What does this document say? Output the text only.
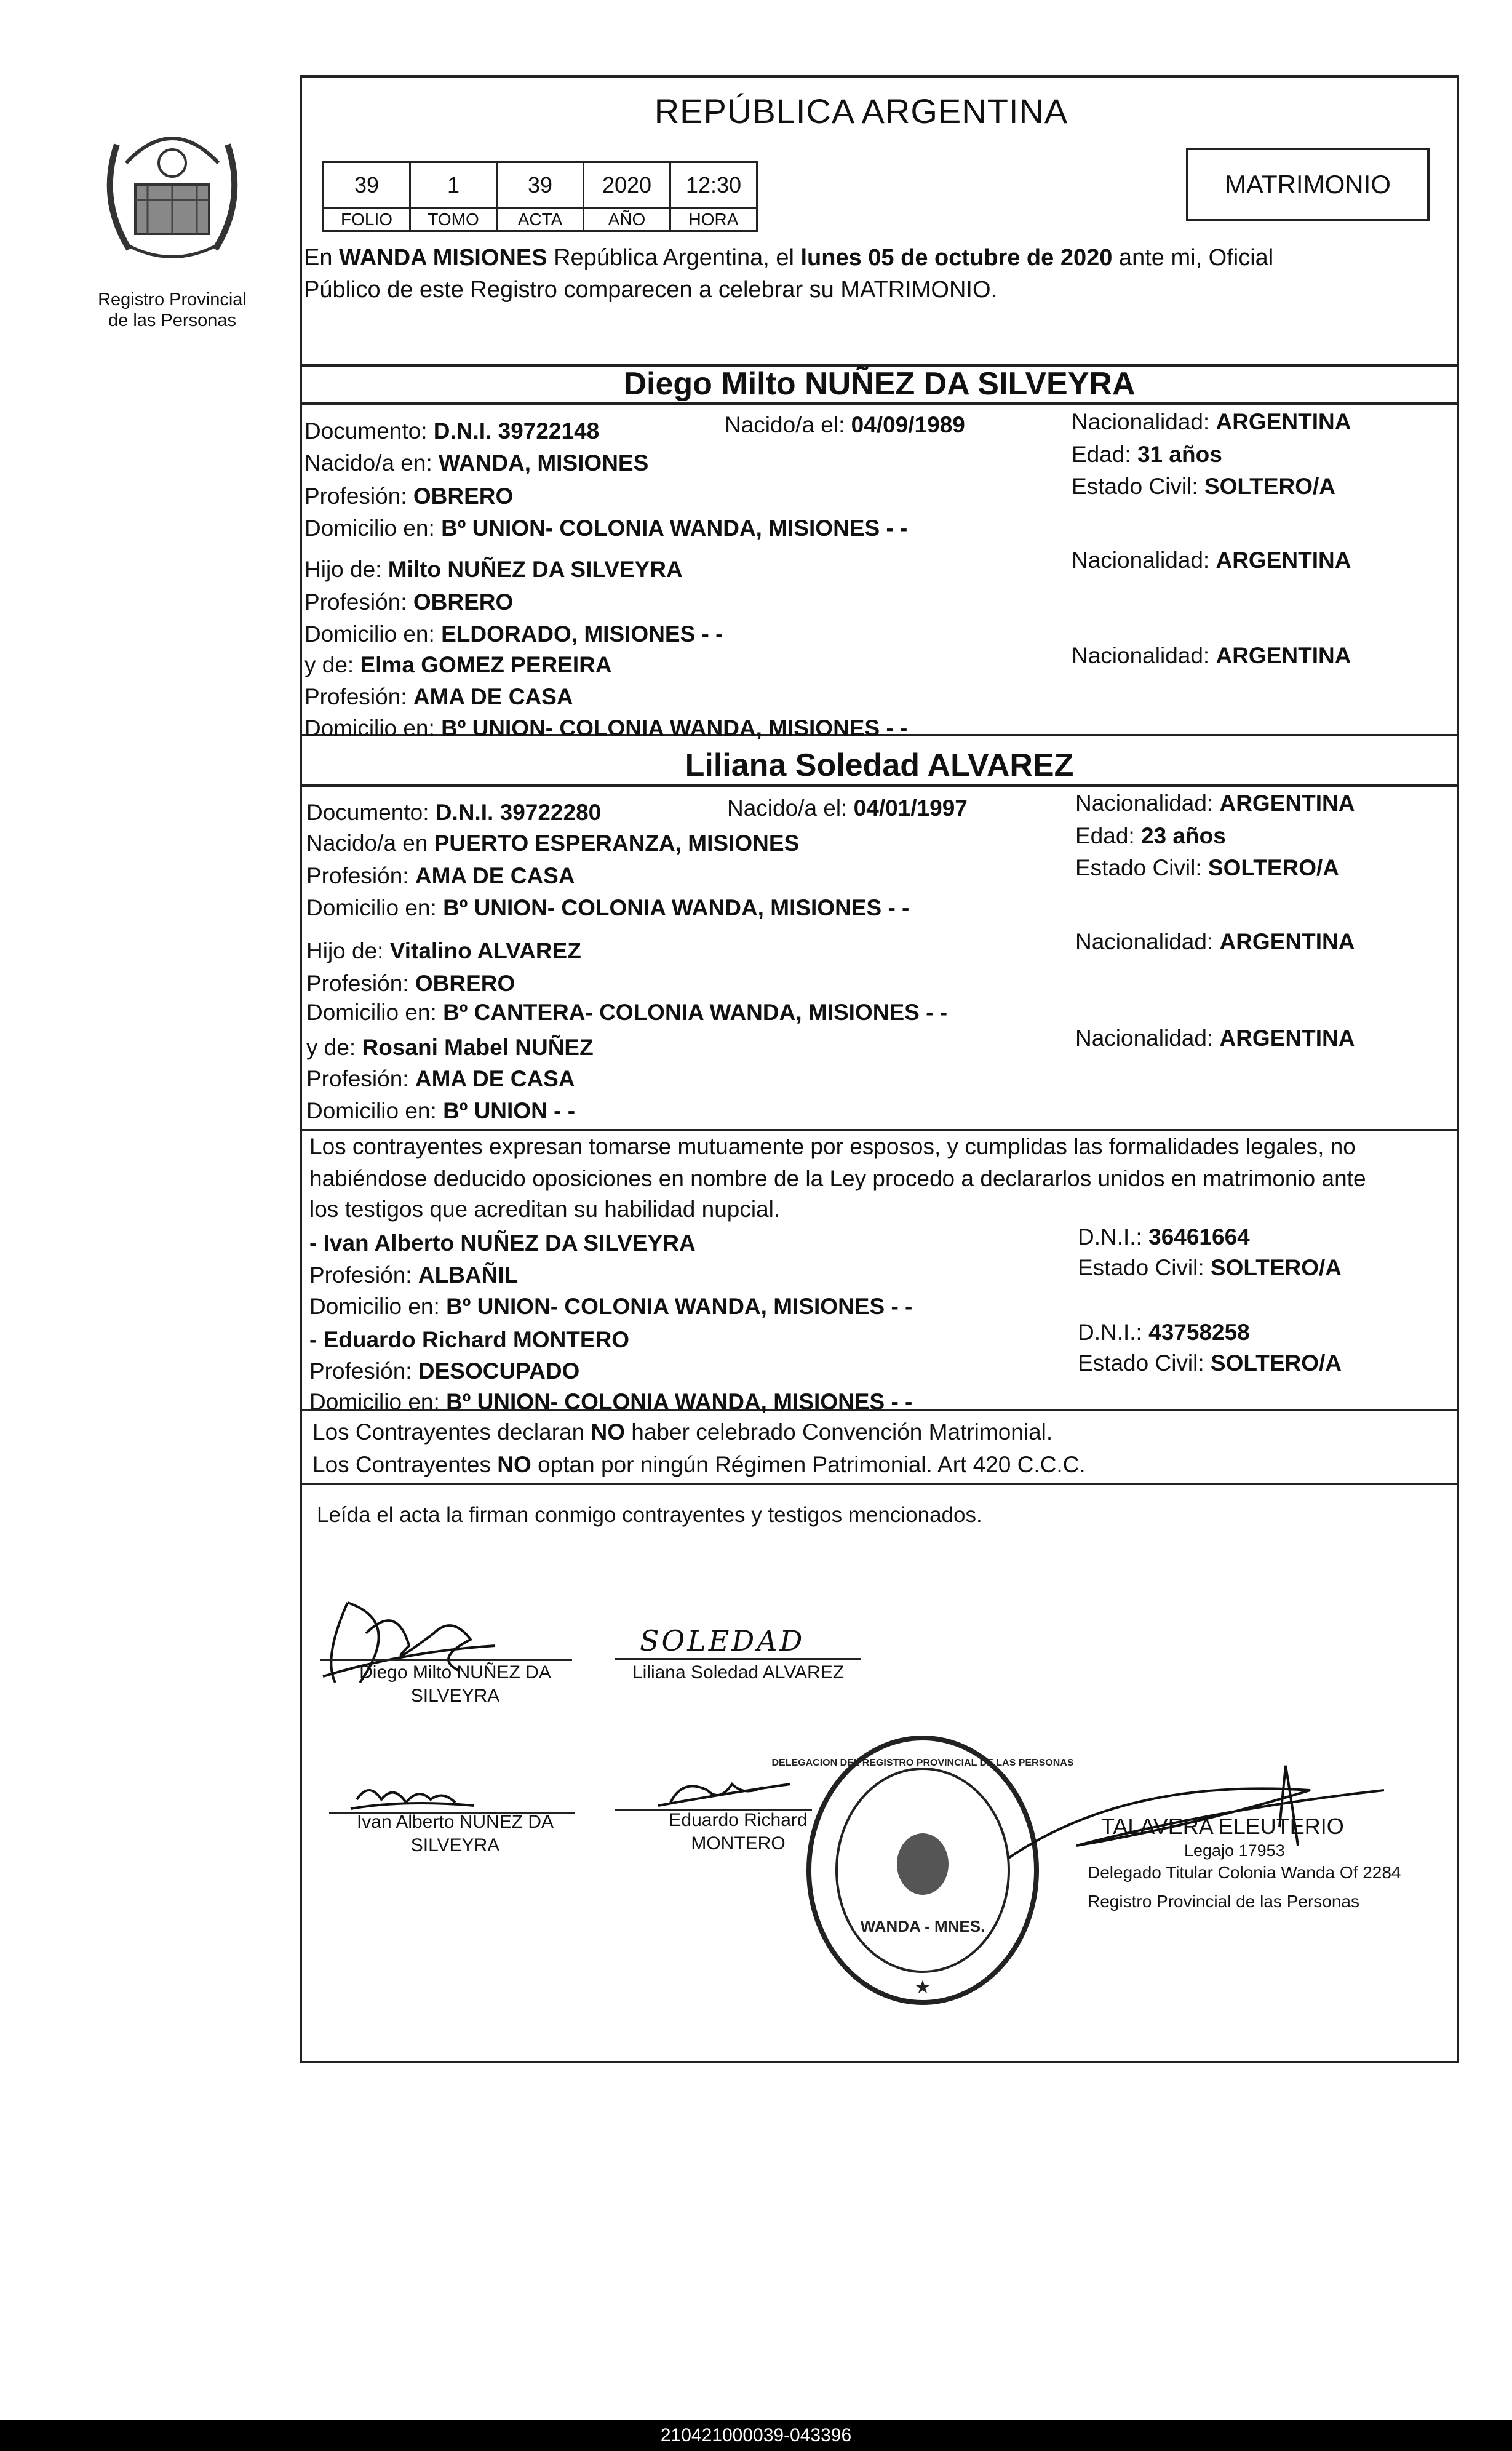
Registro Provincial
de las Personas
REPÚBLICA ARGENTINA
39	1	39	2020	12:30
FOLIO	TOMO	ACTA	AÑO	HORA
MATRIMONIO
En WANDA MISIONES República Argentina, el lunes 05 de octubre de 2020 ante mi, Oficial
Público de este Registro comparecen a celebrar su MATRIMONIO.
Diego Milto NUÑEZ DA SILVEYRA
Documento: D.N.I. 39722148	Nacido/a el: 04/09/1989	Nacionalidad: ARGENTINA
Edad: 31 años
Estado Civil: SOLTERO/A
Nacido/a en: WANDA, MISIONES
Profesión: OBRERO
Domicilio en: Bº UNION- COLONIA WANDA, MISIONES - -
Hijo de: Milto NUÑEZ DA SILVEYRA	Nacionalidad: ARGENTINA
Profesión: OBRERO
Domicilio en: ELDORADO, MISIONES - -
y de: Elma GOMEZ PEREIRA	Nacionalidad: ARGENTINA
Profesión: AMA DE CASA
Domicilio en: Bº UNION- COLONIA WANDA, MISIONES - -
Liliana Soledad ALVAREZ
Documento: D.N.I. 39722280	Nacido/a el: 04/01/1997	Nacionalidad: ARGENTINA
Edad: 23 años
Estado Civil: SOLTERO/A
Nacido/a en PUERTO ESPERANZA, MISIONES
Profesión: AMA DE CASA
Domicilio en: Bº UNION- COLONIA WANDA, MISIONES - -
Hijo de: Vitalino ALVAREZ	Nacionalidad: ARGENTINA
Profesión: OBRERO
Domicilio en: Bº CANTERA- COLONIA WANDA, MISIONES - -
y de: Rosani Mabel NUÑEZ	Nacionalidad: ARGENTINA
Profesión: AMA DE CASA
Domicilio en: Bº UNION - -
Los contrayentes expresan tomarse mutuamente por esposos, y cumplidas las formalidades legales, no
habiéndose deducido oposiciones en nombre de la Ley procedo a declararlos unidos en matrimonio ante
los testigos que acreditan su habilidad nupcial.
- Ivan Alberto NUÑEZ DA SILVEYRA	D.N.I.: 36461664
Estado Civil: SOLTERO/A
Profesión: ALBAÑIL
Domicilio en: Bº UNION- COLONIA WANDA, MISIONES - -
- Eduardo Richard MONTERO	D.N.I.: 43758258
Estado Civil: SOLTERO/A
Profesión: DESOCUPADO
Domicilio en: Bº UNION- COLONIA WANDA, MISIONES - -
Los Contrayentes declaran NO haber celebrado Convención Matrimonial.
Los Contrayentes NO optan por ningún Régimen Patrimonial. Art 420 C.C.C.
Leída el acta la firman conmigo contrayentes y testigos mencionados.
Diego Milto NUÑEZ DA
SILVEYRA
SOLEDAD
Liliana Soledad ALVAREZ
Ivan Alberto NUÑEZ DA
SILVEYRA
Eduardo Richard
MONTERO
WANDA - MNES.
DELEGACION DEL REGISTRO PROVINCIAL DE LAS PERSONAS
★
TALAVERA ELEUTERIO
Legajo 17953
Delegado Titular Colonia Wanda Of 2284
Registro Provincial de las Personas
210421000039-043396
